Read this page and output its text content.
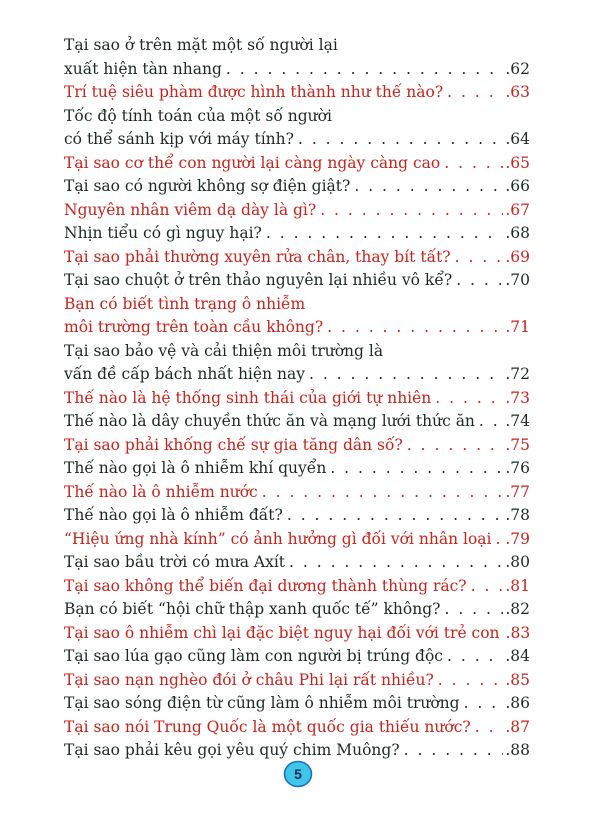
Tại sao ở trên mặt một số người lại
xuất hiện tàn nhang . . .	.62
Trí tuệ siêu phàm được hình thành như thế nào? . . .	.63
Tốc độ tính toán của một số người
có thể sánh kịp với máy tính? . . .	.64
Tại sao cơ thể con người lại càng ngày càng cao . . .	.65
Tại sao có người không sợ điện giật? . . .	.66
Nguyên nhân viêm dạ dày là gì? . . .	.67
Nhịn tiểu có gì nguy hại? . . .	.68
Tại sao phải thường xuyên rửa chân, thay bít tất? . . .	.69
Tại sao chuột ở trên thảo nguyên lại nhiều vô kể? . . .	.70
Bạn có biết tình trạng ô nhiễm
môi trường trên toàn cầu không? . . .	.71
Tại sao bảo vệ và cải thiện môi trường là
vấn đề cấp bách nhất hiện nay . . .	.72
Thế nào là hệ thống sinh thái của giới tự nhiên . . .	.73
Thế nào là dây chuyền thức ăn và mạng lưới thức ăn . . . .74
Tại sao phải khống chế sự gia tăng dân số? . . .	.75
Thế nào gọi là ô nhiễm khí quyển . . .	.76
Thế nào là ô nhiễm nước . . .	.77
Thế nào gọi là ô nhiễm đất? . . .	.78
“Hiệu ứng nhà kính” có ảnh hưởng gì đối với nhân loại . . . .79
Tại sao bầu trời có mưa Axít . . .	.80
Tại sao không thể biến đại dương thành thùng rác? . . .	.81
Bạn có biết “hội chữ thập xanh quốc tế” không? . . .	.82
Tại sao ô nhiễm chì lại đặc biệt nguy hại đối với trẻ con .83
Tại sao lúa gạo cũng làm con người bị trúng độc . . .	.84
Tại sao nạn nghèo đói ở châu Phi lại rất nhiều? . . .	.85
Tại sao sóng điện từ cũng làm ô nhiễm môi trường . . .	.86
Tại sao nói Trung Quốc là một quốc gia thiếu nước? . . . .87
Tại sao phải kêu gọi yêu quý chim Muông? . . .	.88
5
